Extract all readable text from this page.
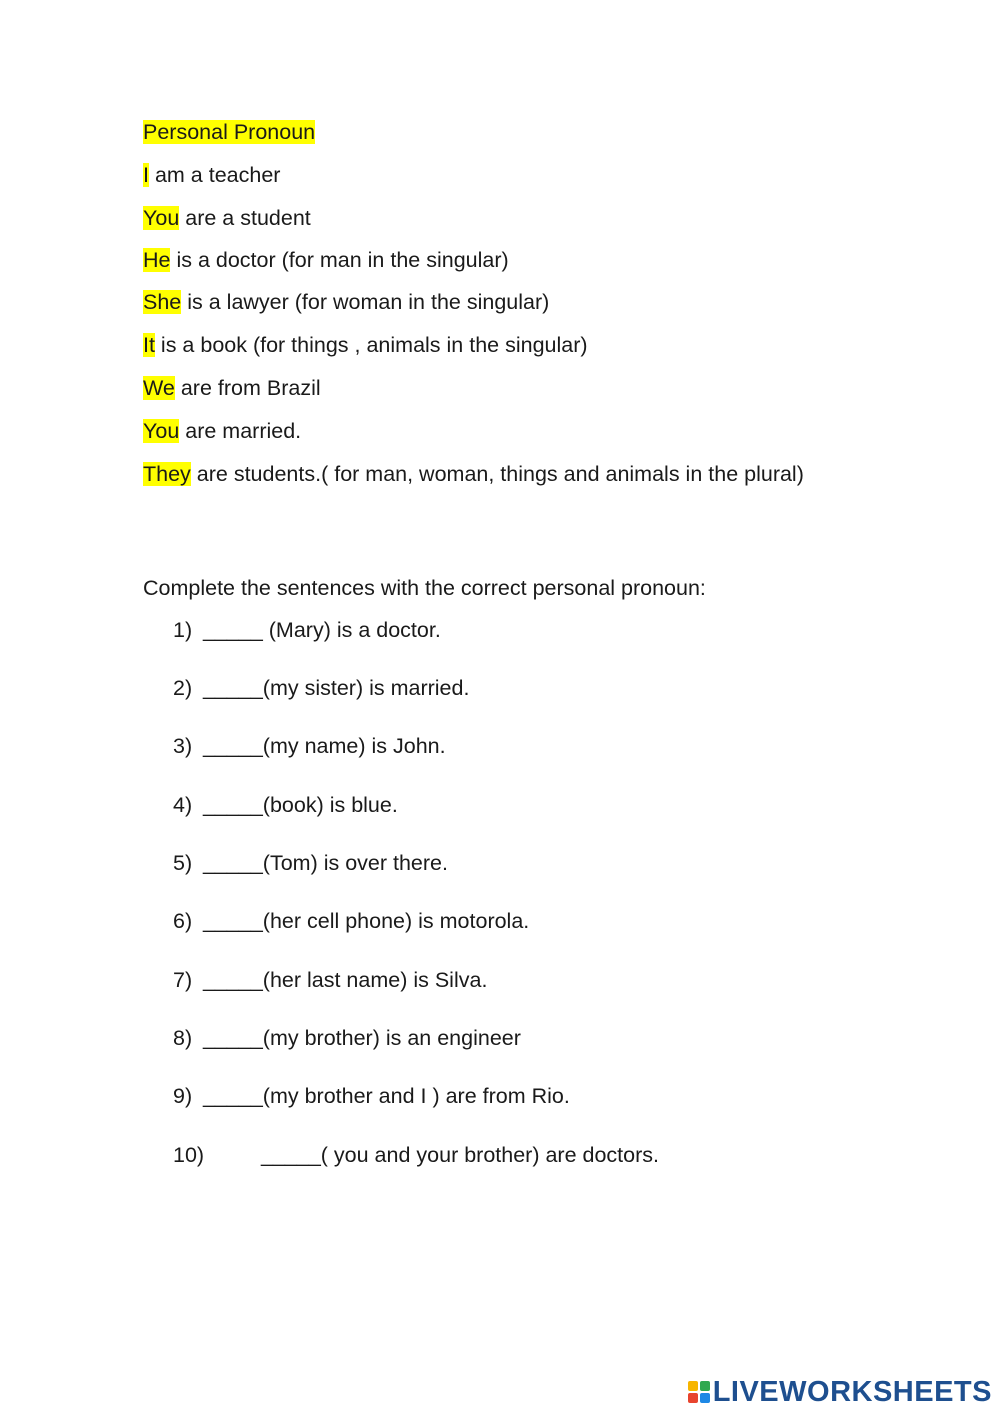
Personal Pronoun
I am a teacher
You are a student
He is a doctor (for man in the singular)
She is a lawyer (for woman in the singular)
It is a book (for things , animals in the singular)
We are from Brazil
You are married.
They are students.( for man, woman, things and animals in the plural)
Complete the sentences with the correct personal pronoun:
1) _____ (Mary) is a doctor.
2) _____(my sister) is married.
3) _____(my name) is John.
4) _____(book) is blue.
5) _____(Tom) is over there.
6) _____(her cell phone) is motorola.
7) _____(her last name) is Silva.
8) _____(my brother) is an engineer
9) _____(my brother and I ) are from Rio.
10)	_____( you and your brother) are doctors.
LIVEWORKSHEETS
